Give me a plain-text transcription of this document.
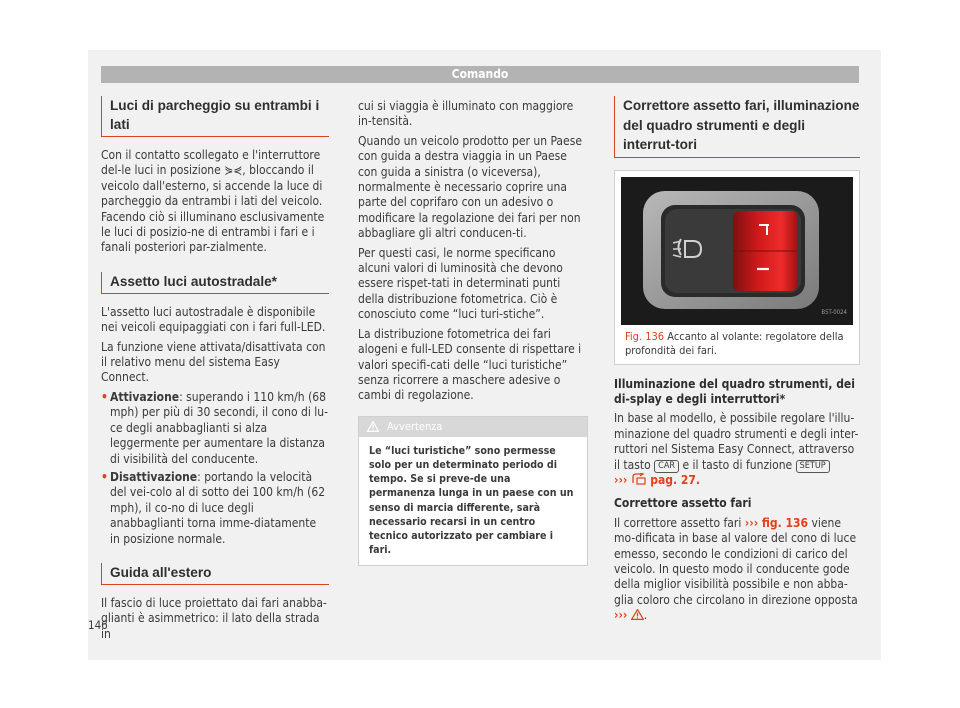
Comando
Luci di parcheggio su entrambi i lati

Con il contatto scollegato e l'interruttore del-le luci in posizione ⋟⋞, bloccando il veicolo dall'esterno, si accende la luce di parcheggio da entrambi i lati del veicolo. Facendo ciò si illuminano esclusivamente le luci di posizio-ne di entrambi i fari e i fanali posteriori par-zialmente.

Assetto luci autostradale*

L'assetto luci autostradale è disponibile nei veicoli equipaggiati con i fari full-LED.

La funzione viene attivata/disattivata con il relativo menu del sistema Easy Connect.

• Attivazione: superando i 110 km/h (68 mph) per più di 30 secondi, il cono di lu-ce degli anabbaglianti si alza leggermente per aumentare la distanza di visibilità del conducente.
• Disattivazione: portando la velocità del vei-colo al di sotto dei 100 km/h (62 mph), il co-no di luce degli anabbaglianti torna imme-diatamente in posizione normale.
Guida all'estero

Il fascio di luce proiettato dai fari anabba-glianti è asimmetrico: il lato della strada in

cui si viaggia è illuminato con maggiore in-tensità.

Quando un veicolo prodotto per un Paese con guida a destra viaggia in un Paese con guida a sinistra (o viceversa), normalmente è necessario coprire una parte del coprifaro con un adesivo o modificare la regolazione dei fari per non abbagliare gli altri conducen-ti.

Per questi casi, le norme specificano alcuni valori di luminosità che devono essere rispet-tati in determinati punti della distribuzione fotometrica. Ciò è conosciuto come “luci turi-stiche”.

La distribuzione fotometrica dei fari alogeni e full-LED consente di rispettare i valori specifi-cati delle “luci turistiche” senza ricorrere a maschere adesive o cambi di regolazione.

Avvertenza
Le “luci turistiche” sono permesse solo per un determinato periodo di tempo. Se si preve-de una permanenza lunga in un paese con un senso di marcia differente, sarà necessario recarsi in un centro tecnico autorizzato per cambiare i fari.
Correttore assetto fari, illuminazione del quadro strumenti e degli interrut-tori
B5T-0024
Fig. 136 Accanto al volante: regolatore della profondità dei fari.

Illuminazione del quadro strumenti, dei di-splay e degli interruttori*

In base al modello, è possibile regolare l'illu-minazione del quadro strumenti e degli inter-ruttori nel Sistema Easy Connect, attraverso il tasto CAR e il tasto di funzione SETUP
››› pag. 27.

Correttore assetto fari

Il correttore assetto fari ››› fig. 136 viene mo-dificata in base al valore del cono di luce emesso, secondo le condizioni di carico del veicolo. In questo modo il conducente gode della miglior visibilità possibile e non abba-glia coloro che circolano in direzione opposta
››› .

146
